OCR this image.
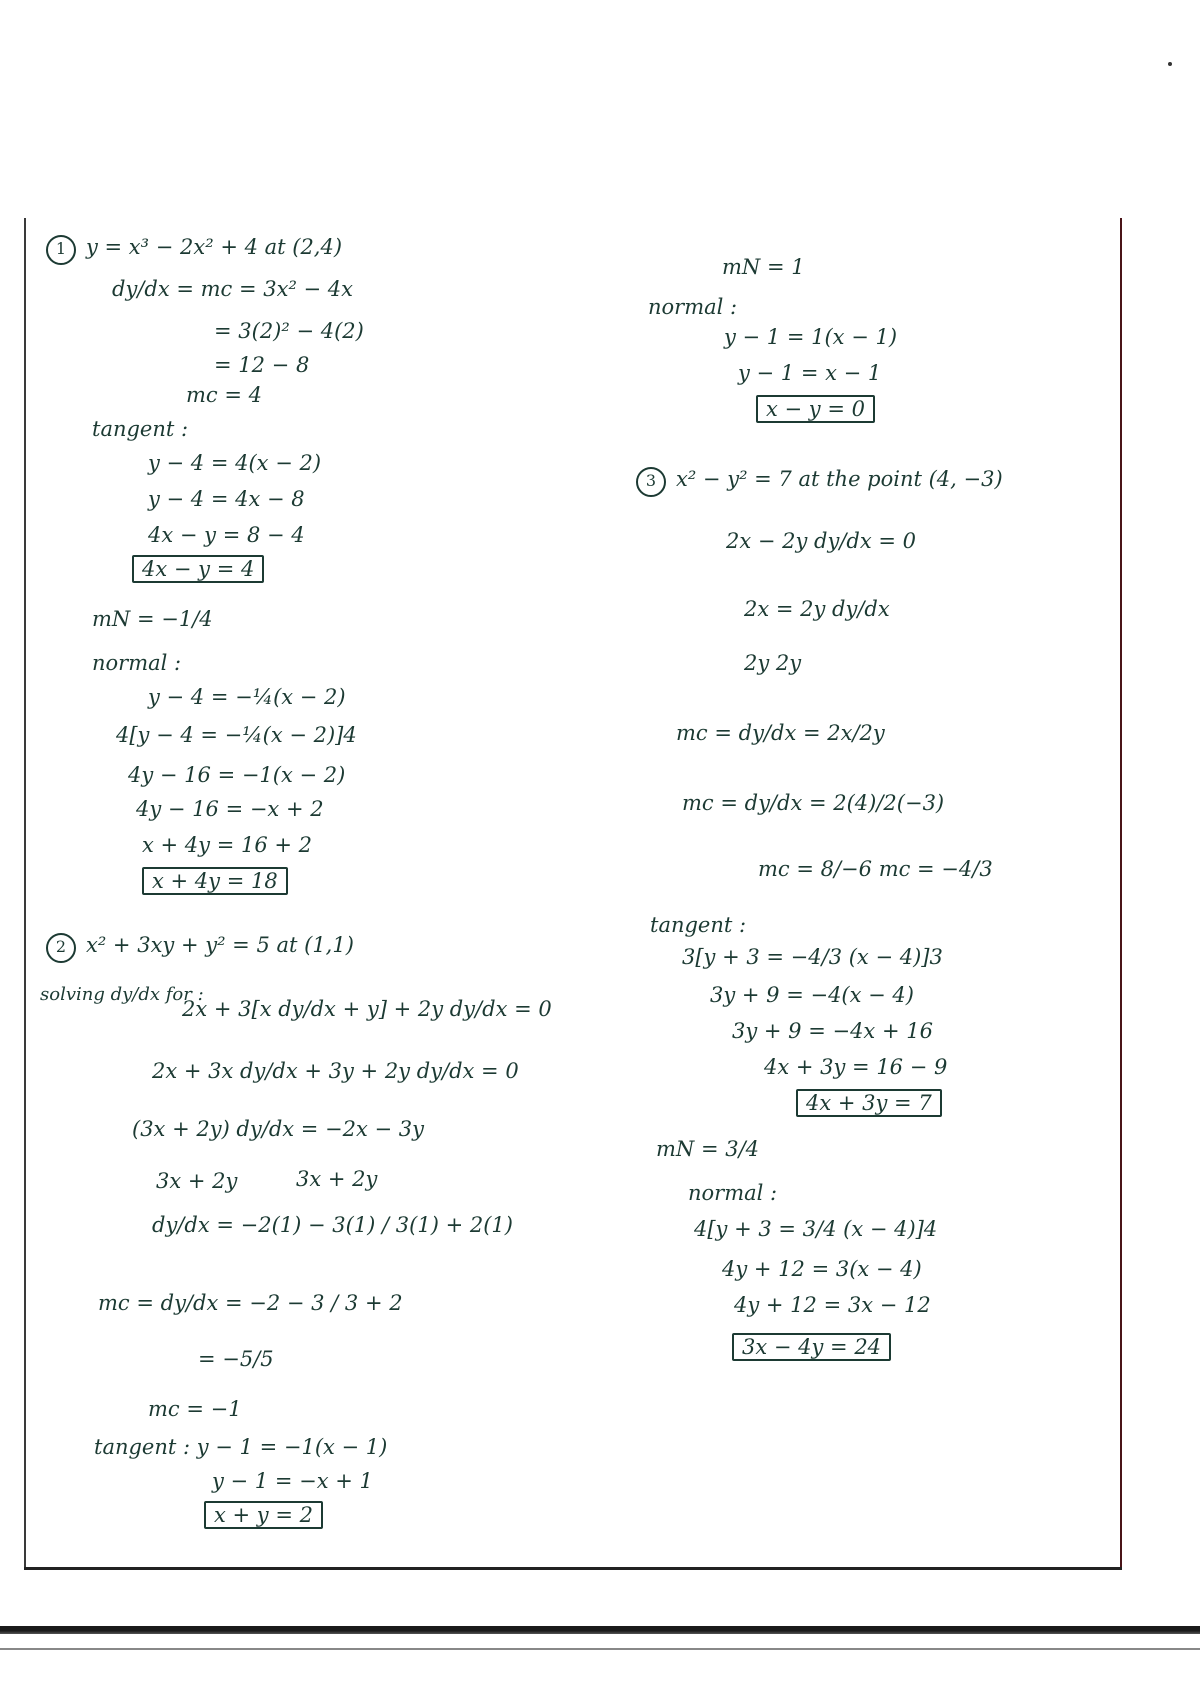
1 y = x³ − 2x² + 4 at (2,4)
dy/dx = mc = 3x² − 4x
= 3(2)² − 4(2)
= 12 − 8
mc = 4
tangent :
y − 4 = 4(x − 2)
y − 4 = 4x − 8
4x − y = 8 − 4
4x − y = 4
mN = −1/4
normal :
y − 4 = −¼(x − 2)
4[y − 4 = −¼(x − 2)]4
4y − 16 = −1(x − 2)
4y − 16 = −x + 2
x + 4y = 16 + 2
x + 4y = 18
2 x² + 3xy + y² = 5 at (1,1)
solving dy/dx for :
2x + 3[x dy/dx + y] + 2y dy/dx = 0
2x + 3x dy/dx + 3y + 2y dy/dx = 0
(3x + 2y) dy/dx = −2x − 3y
3x + 2y	3x + 2y
dy/dx = −2(1) − 3(1) / 3(1) + 2(1)
mc = dy/dx = −2 − 3 / 3 + 2
= −5/5
mc = −1
tangent : y − 1 = −1(x − 1)
y − 1 = −x + 1
x + y = 2
mN = 1
normal :
y − 1 = 1(x − 1)
y − 1 = x − 1
x − y = 0
3 x² − y² = 7 at the point (4, −3)
2x − 2y dy/dx = 0
2x = 2y dy/dx
2y 2y
mc = dy/dx = 2x/2y
mc = dy/dx = 2(4)/2(−3)
mc = 8/−6 mc = −4/3
tangent :
3[y + 3 = −4/3 (x − 4)]3
3y + 9 = −4(x − 4)
3y + 9 = −4x + 16
4x + 3y = 16 − 9
4x + 3y = 7
mN = 3/4
normal :
4[y + 3 = 3/4 (x − 4)]4
4y + 12 = 3(x − 4)
4y + 12 = 3x − 12
3x − 4y = 24
